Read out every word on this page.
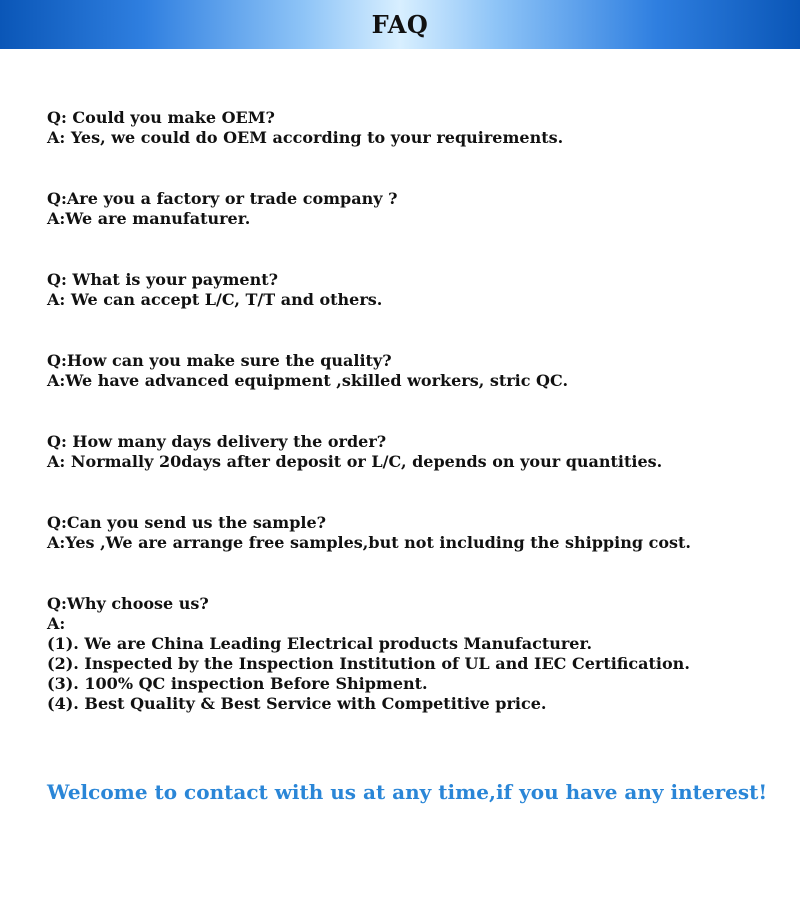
FAQ
Q: Could you make OEM?
A: Yes, we could do OEM according to your requirements.
Q:Are you a factory or trade company ?
A:We are manufaturer.
Q: What is your payment?
A: We can accept L/C, T/T and others.
Q:How can you make sure the quality?
A:We have advanced equipment ,skilled workers, stric QC.
Q: How many days delivery the order?
A: Normally 20days after deposit or L/C, depends on your quantities.
Q:Can you send us the sample?
A:Yes ,We are arrange free samples,but not including the shipping cost.
Q:Why choose us?
A:
(1). We are China Leading Electrical products Manufacturer.
(2). Inspected by the Inspection Institution of UL and IEC Certification.
(3). 100% QC inspection Before Shipment.
(4). Best Quality & Best Service with Competitive price.
Welcome to contact with us at any time,if you have any interest!
